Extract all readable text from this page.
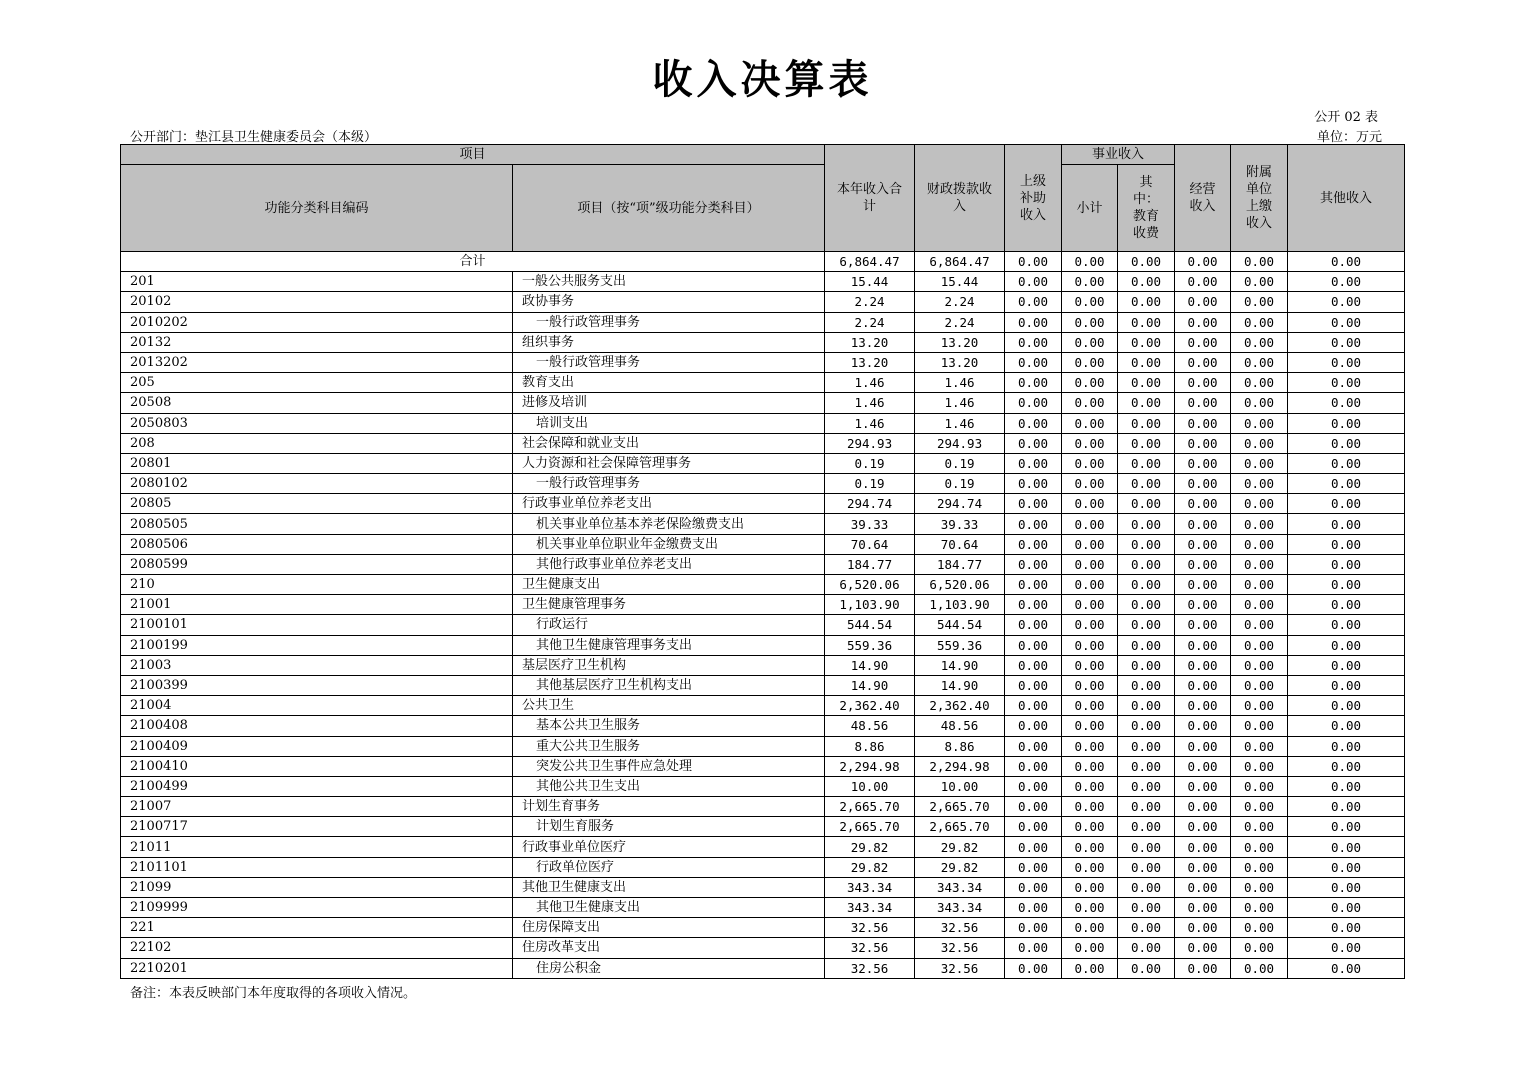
收入决算表
公开 02 表
公开部门：垫江县卫生健康委员会（本级）	单位：万元
项目		本年收入合计	财政拨款收入	上级补助收入	事业收入		经营收入	附属单位上缴收入	其他收入
功能分类科目编码	项目（按“项”级功能分类科目）				小计	其中：教育收费			
合计		6,864.47	6,864.47	0.00	0.00	0.00	0.00	0.00	0.00
201	一般公共服务支出	15.44	15.44	0.00	0.00	0.00	0.00	0.00	0.00
20102	政协事务	2.24	2.24	0.00	0.00	0.00	0.00	0.00	0.00
2010202	一般行政管理事务	2.24	2.24	0.00	0.00	0.00	0.00	0.00	0.00
20132	组织事务	13.20	13.20	0.00	0.00	0.00	0.00	0.00	0.00
2013202	一般行政管理事务	13.20	13.20	0.00	0.00	0.00	0.00	0.00	0.00
205	教育支出	1.46	1.46	0.00	0.00	0.00	0.00	0.00	0.00
20508	进修及培训	1.46	1.46	0.00	0.00	0.00	0.00	0.00	0.00
2050803	培训支出	1.46	1.46	0.00	0.00	0.00	0.00	0.00	0.00
208	社会保障和就业支出	294.93	294.93	0.00	0.00	0.00	0.00	0.00	0.00
20801	人力资源和社会保障管理事务	0.19	0.19	0.00	0.00	0.00	0.00	0.00	0.00
2080102	一般行政管理事务	0.19	0.19	0.00	0.00	0.00	0.00	0.00	0.00
20805	行政事业单位养老支出	294.74	294.74	0.00	0.00	0.00	0.00	0.00	0.00
2080505	机关事业单位基本养老保险缴费支出	39.33	39.33	0.00	0.00	0.00	0.00	0.00	0.00
2080506	机关事业单位职业年金缴费支出	70.64	70.64	0.00	0.00	0.00	0.00	0.00	0.00
2080599	其他行政事业单位养老支出	184.77	184.77	0.00	0.00	0.00	0.00	0.00	0.00
210	卫生健康支出	6,520.06	6,520.06	0.00	0.00	0.00	0.00	0.00	0.00
21001	卫生健康管理事务	1,103.90	1,103.90	0.00	0.00	0.00	0.00	0.00	0.00
2100101	行政运行	544.54	544.54	0.00	0.00	0.00	0.00	0.00	0.00
2100199	其他卫生健康管理事务支出	559.36	559.36	0.00	0.00	0.00	0.00	0.00	0.00
21003	基层医疗卫生机构	14.90	14.90	0.00	0.00	0.00	0.00	0.00	0.00
2100399	其他基层医疗卫生机构支出	14.90	14.90	0.00	0.00	0.00	0.00	0.00	0.00
21004	公共卫生	2,362.40	2,362.40	0.00	0.00	0.00	0.00	0.00	0.00
2100408	基本公共卫生服务	48.56	48.56	0.00	0.00	0.00	0.00	0.00	0.00
2100409	重大公共卫生服务	8.86	8.86	0.00	0.00	0.00	0.00	0.00	0.00
2100410	突发公共卫生事件应急处理	2,294.98	2,294.98	0.00	0.00	0.00	0.00	0.00	0.00
2100499	其他公共卫生支出	10.00	10.00	0.00	0.00	0.00	0.00	0.00	0.00
21007	计划生育事务	2,665.70	2,665.70	0.00	0.00	0.00	0.00	0.00	0.00
2100717	计划生育服务	2,665.70	2,665.70	0.00	0.00	0.00	0.00	0.00	0.00
21011	行政事业单位医疗	29.82	29.82	0.00	0.00	0.00	0.00	0.00	0.00
2101101	行政单位医疗	29.82	29.82	0.00	0.00	0.00	0.00	0.00	0.00
21099	其他卫生健康支出	343.34	343.34	0.00	0.00	0.00	0.00	0.00	0.00
2109999	其他卫生健康支出	343.34	343.34	0.00	0.00	0.00	0.00	0.00	0.00
221	住房保障支出	32.56	32.56	0.00	0.00	0.00	0.00	0.00	0.00
22102	住房改革支出	32.56	32.56	0.00	0.00	0.00	0.00	0.00	0.00
2210201	住房公积金	32.56	32.56	0.00	0.00	0.00	0.00	0.00	0.00
备注：本表反映部门本年度取得的各项收入情况。
